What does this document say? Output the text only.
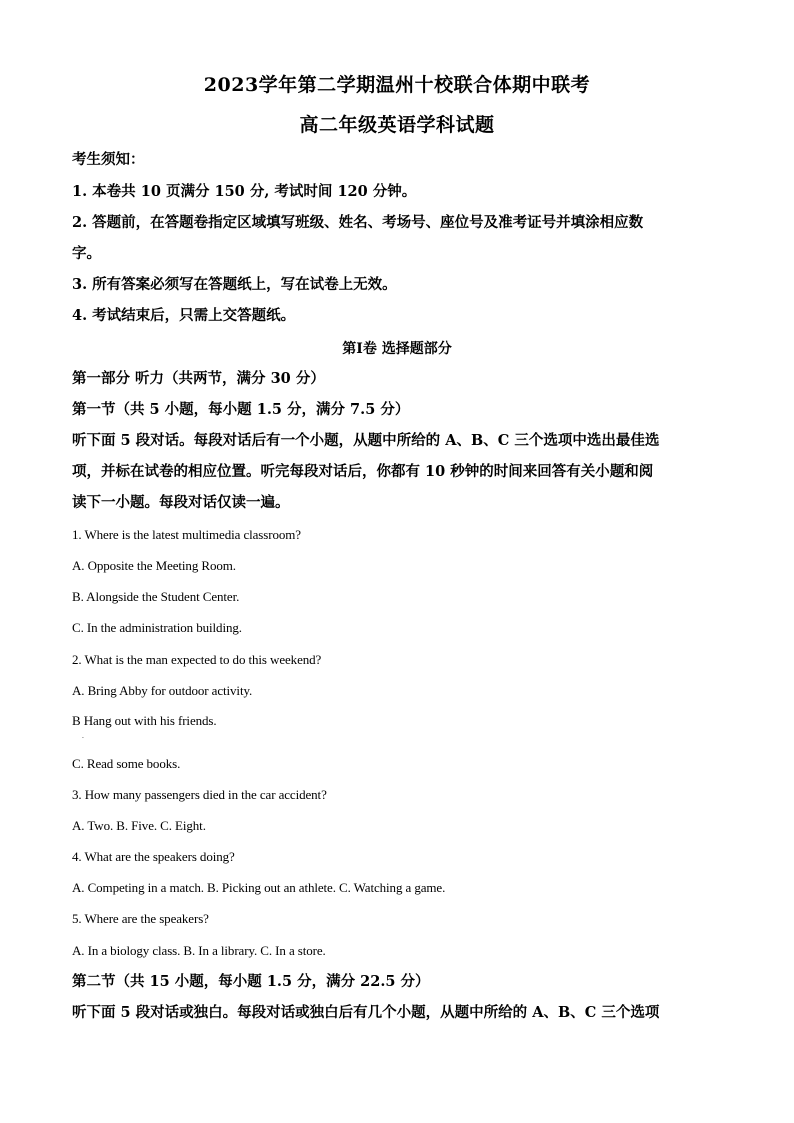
2023学年第二学期温州十校联合体期中联考
高二年级英语学科试题
考生须知：
1. 本卷共 10 页满分 150 分, 考试时间 120 分钟。
2. 答题前，在答题卷指定区域填写班级、姓名、考场号、座位号及准考证号并填涂相应数
字。
3. 所有答案必须写在答题纸上，写在试卷上无效。
4. 考试结束后，只需上交答题纸。
第Ⅰ卷 选择题部分
第一部分 听力（共两节，满分 30 分）
第一节（共 5 小题，每小题 1.5 分，满分 7.5 分）
听下面 5 段对话。每段对话后有一个小题，从题中所给的 A、B、C 三个选项中选出最佳选
项，并标在试卷的相应位置。听完每段对话后，你都有 10 秒钟的时间来回答有关小题和阅
读下一小题。每段对话仅读一遍。
1. Where is the latest multimedia classroom?
A. Opposite the Meeting Room.
B. Alongside the Student Center.
C. In the administration building.
2. What is the man expected to do this weekend?
A. Bring Abby for outdoor activity.
B Hang out with his friends.
.
C. Read some books.
3. How many passengers died in the car accident?
A. Two. B. Five. C. Eight.
4. What are the speakers doing?
A. Competing in a match. B. Picking out an athlete. C. Watching a game.
5. Where are the speakers?
A. In a biology class. B. In a library. C. In a store.
第二节（共 15 小题，每小题 1.5 分，满分 22.5 分）
听下面 5 段对话或独白。每段对话或独白后有几个小题，从题中所给的 A、B、C 三个选项
